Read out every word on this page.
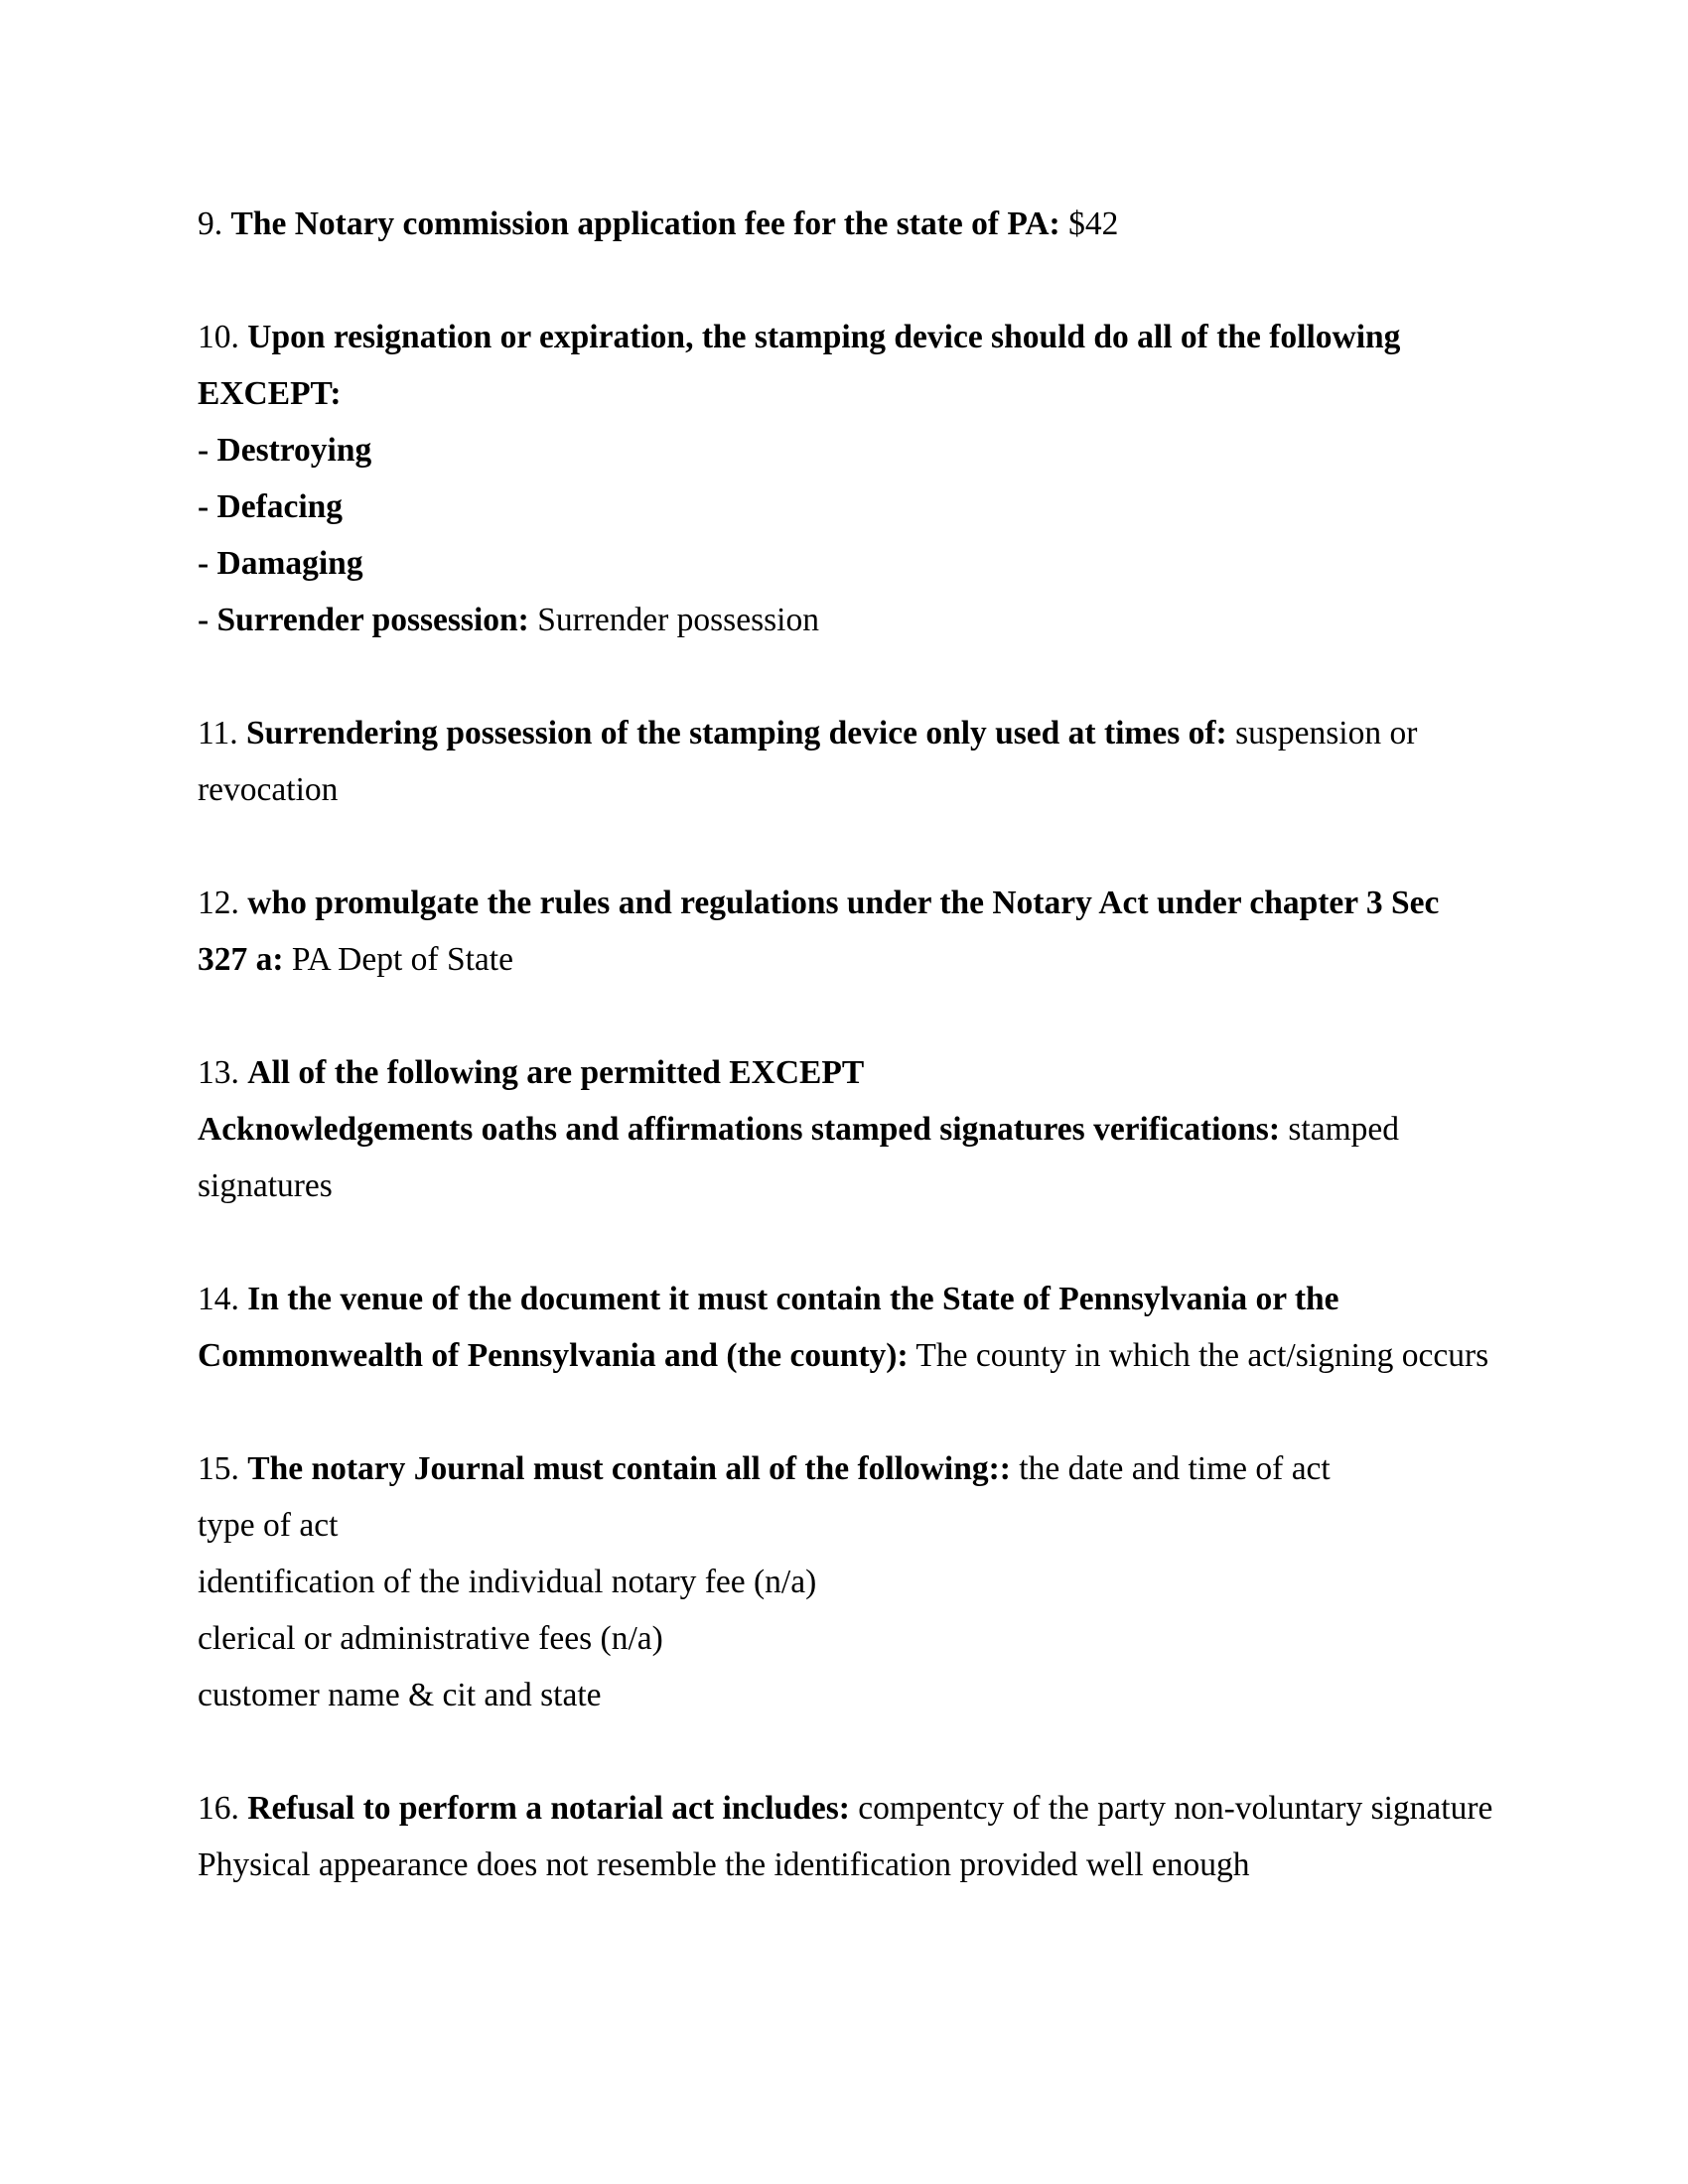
9. The Notary commission application fee for the state of PA: $42
10. Upon resignation or expiration, the stamping device should do all of the following
EXCEPT:
- Destroying
- Defacing
- Damaging
- Surrender possession: Surrender possession
11. Surrendering possession of the stamping device only used at times of: suspension or
revocation
12. who promulgate the rules and regulations under the Notary Act under chapter 3 Sec
327 a: PA Dept of State
13. All of the following are permitted EXCEPT
Acknowledgements oaths and affirmations stamped signatures verifications: stamped
signatures
14. In the venue of the document it must contain the State of Pennsylvania or the
Commonwealth of Pennsylvania and (the county): The county in which the act/signing occurs
15. The notary Journal must contain all of the following:: the date and time of act
type of act
identification of the individual notary fee (n/a)
clerical or administrative fees (n/a)
customer name & cit and state
16. Refusal to perform a notarial act includes: compentcy of the party non-voluntary signature
Physical appearance does not resemble the identification provided well enough
